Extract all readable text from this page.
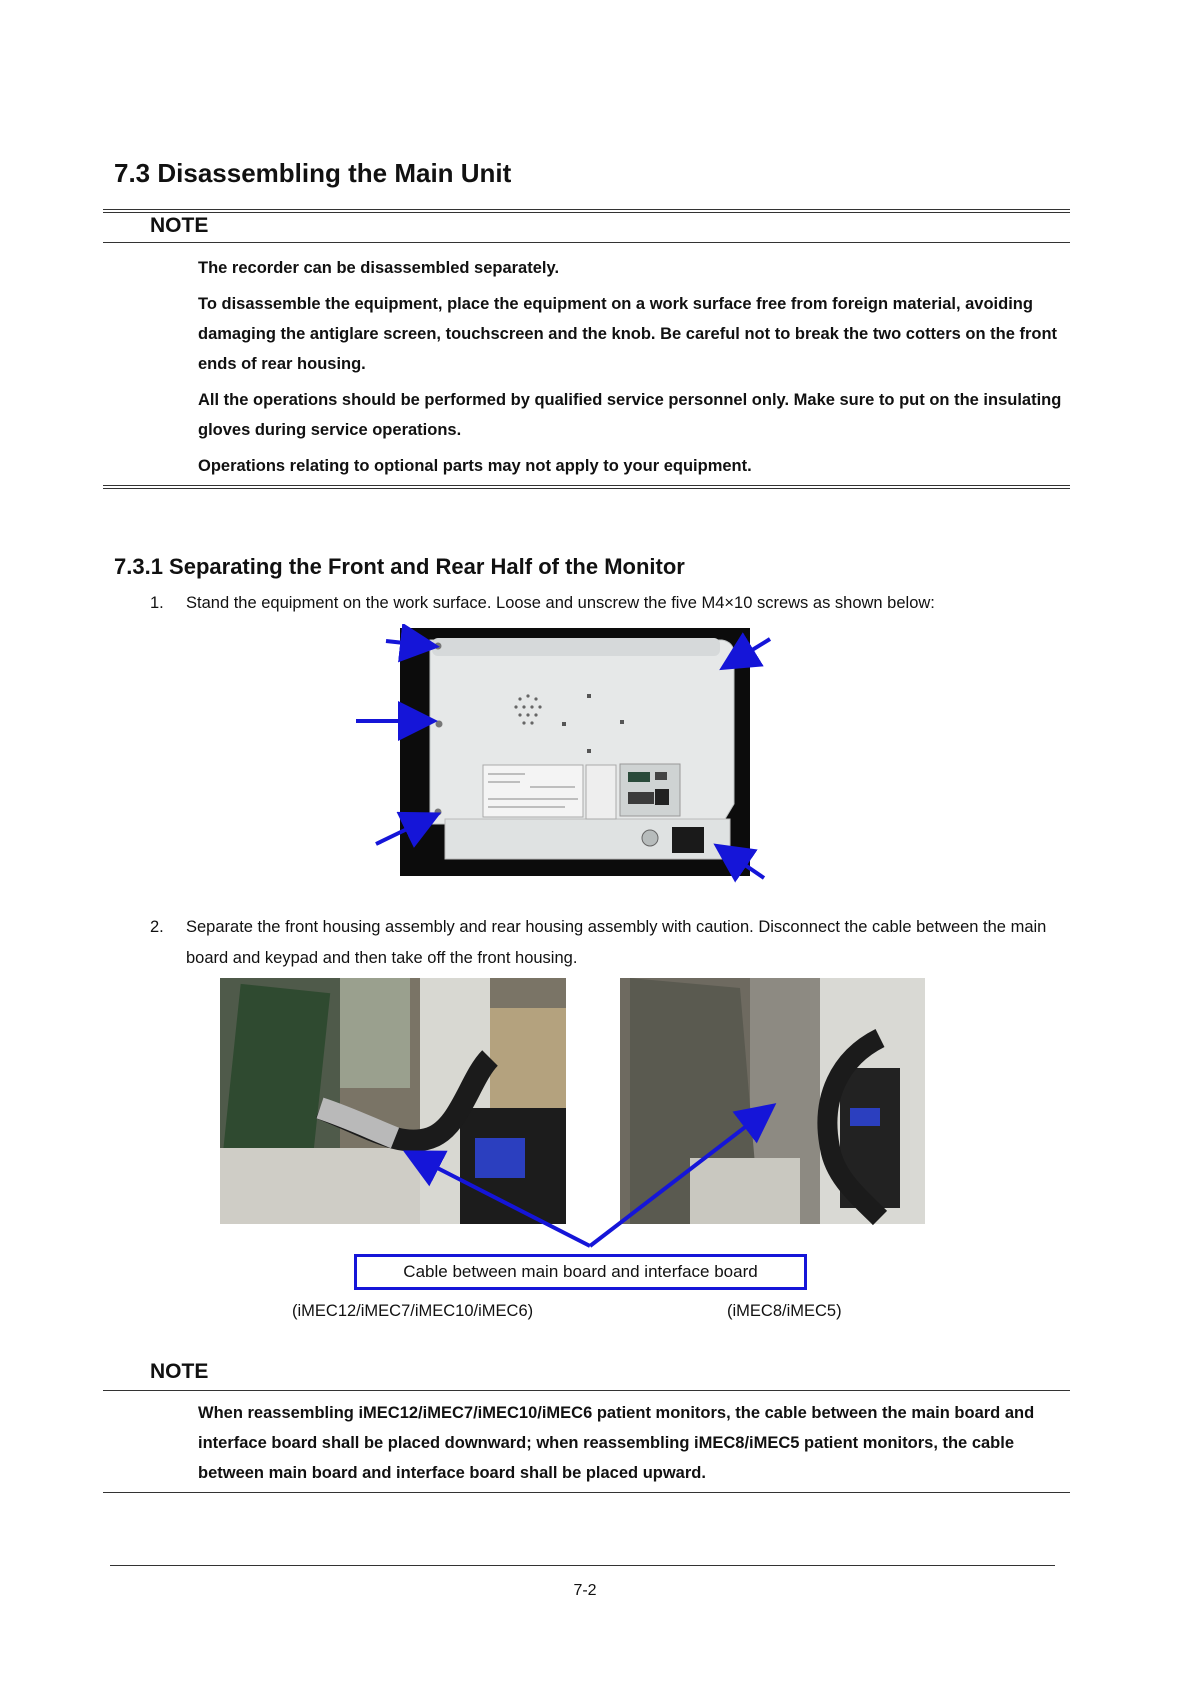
7.3 Disassembling the Main Unit
NOTE

The recorder can be disassembled separately.

To disassemble the equipment, place the equipment on a work surface free from foreign material, avoiding damaging the antiglare screen, touchscreen and the knob. Be careful not to break the two cotters on the front ends of rear housing.

All the operations should be performed by qualified service personnel only. Make sure to put on the insulating gloves during service operations.

Operations relating to optional parts may not apply to your equipment.

7.3.1 Separating the Front and Rear Half of the Monitor
1. Stand the equipment on the work surface. Loose and unscrew the five M4×10 screws as shown below:

2. Separate the front housing assembly and rear housing assembly with caution. Disconnect the cable between the main board and keypad and then take off the front housing.

Cable between main board and interface board
(iMEC12/iMEC7/iMEC10/iMEC6)	(iMEC8/iMEC5)
NOTE

When reassembling iMEC12/iMEC7/iMEC10/iMEC6 patient monitors, the cable between the main board and interface board shall be placed downward; when reassembling iMEC8/iMEC5 patient monitors, the cable between main board and interface board shall be placed upward.

7-2
